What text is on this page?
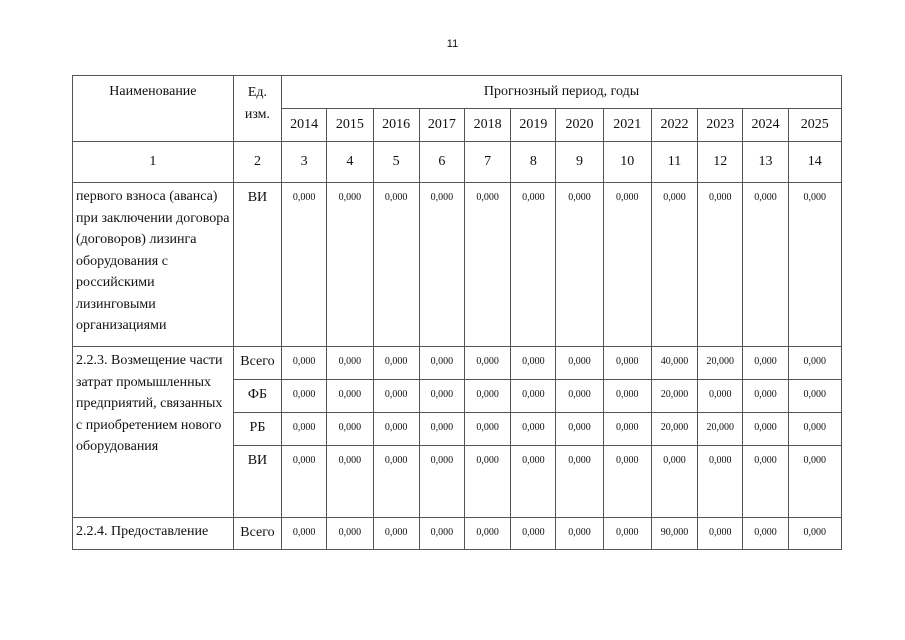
11
Наименование	Ед. изм.	Прогнозный период, годы											
		2014	2015	2016	2017	2018	2019	2020	2021	2022	2023	2024	2025
1	2	3	4	5	6	7	8	9	10	11	12	13	14
первого взноса (аванса) при заключении договора (договоров) лизинга оборудования с российскими лизинговыми организациями	ВИ	0,000	0,000	0,000	0,000	0,000	0,000	0,000	0,000	0,000	0,000	0,000	0,000
2.2.3. Возмещение части затрат промышленных предприятий, связанных с приобретением нового оборудования	Всего	0,000	0,000	0,000	0,000	0,000	0,000	0,000	0,000	40,000	20,000	0,000	0,000
	ФБ	0,000	0,000	0,000	0,000	0,000	0,000	0,000	0,000	20,000	0,000	0,000	0,000
	РБ	0,000	0,000	0,000	0,000	0,000	0,000	0,000	0,000	20,000	20,000	0,000	0,000
	ВИ	0,000	0,000	0,000	0,000	0,000	0,000	0,000	0,000	0,000	0,000	0,000	0,000
2.2.4. Предоставление	Всего	0,000	0,000	0,000	0,000	0,000	0,000	0,000	0,000	90,000	0,000	0,000	0,000
